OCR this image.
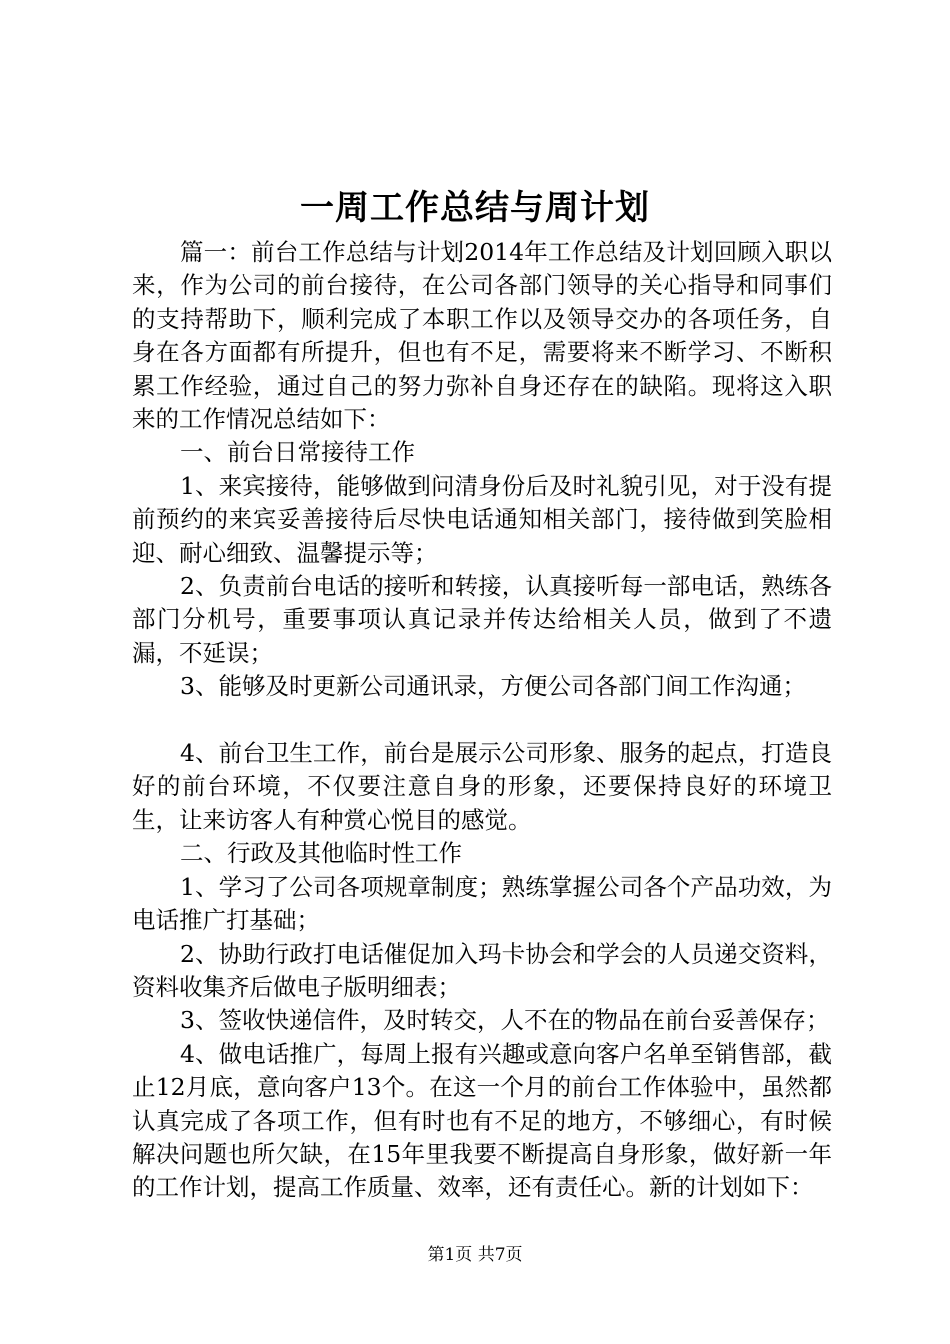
一周工作总结与周计划

篇一：前台工作总结与计划2014年工作总结及计划回顾入职以来，作为公司的前台接待，在公司各部门领导的关心指导和同事们的支持帮助下，顺利完成了本职工作以及领导交办的各项任务，自身在各方面都有所提升，但也有不足，需要将来不断学习、不断积累工作经验，通过自己的努力弥补自身还存在的缺陷。现将这入职来的工作情况总结如下：

一、前台日常接待工作

1、来宾接待，能够做到问清身份后及时礼貌引见，对于没有提前预约的来宾妥善接待后尽快电话通知相关部门，接待做到笑脸相迎、耐心细致、温馨提示等；

2、负责前台电话的接听和转接，认真接听每一部电话，熟练各部门分机号，重要事项认真记录并传达给相关人员，做到了不遗漏，不延误；

3、能够及时更新公司通讯录，方便公司各部门间工作沟通；

4、前台卫生工作，前台是展示公司形象、服务的起点，打造良好的前台环境，不仅要注意自身的形象，还要保持良好的环境卫生，让来访客人有种赏心悦目的感觉。

二、行政及其他临时性工作

1、学习了公司各项规章制度；熟练掌握公司各个产品功效，为电话推广打基础；

2、协助行政打电话催促加入玛卡协会和学会的人员递交资料，资料收集齐后做电子版明细表；

3、签收快递信件，及时转交，人不在的物品在前台妥善保存；

4、做电话推广，每周上报有兴趣或意向客户名单至销售部，截止12月底，意向客户13个。在这一个月的前台工作体验中，虽然都认真完成了各项工作，但有时也有不足的地方，不够细心，有时候解决问题也所欠缺，在15年里我要不断提高自身形象，做好新一年的工作计划，提高工作质量、效率，还有责任心。新的计划如下：

第1页 共7页
